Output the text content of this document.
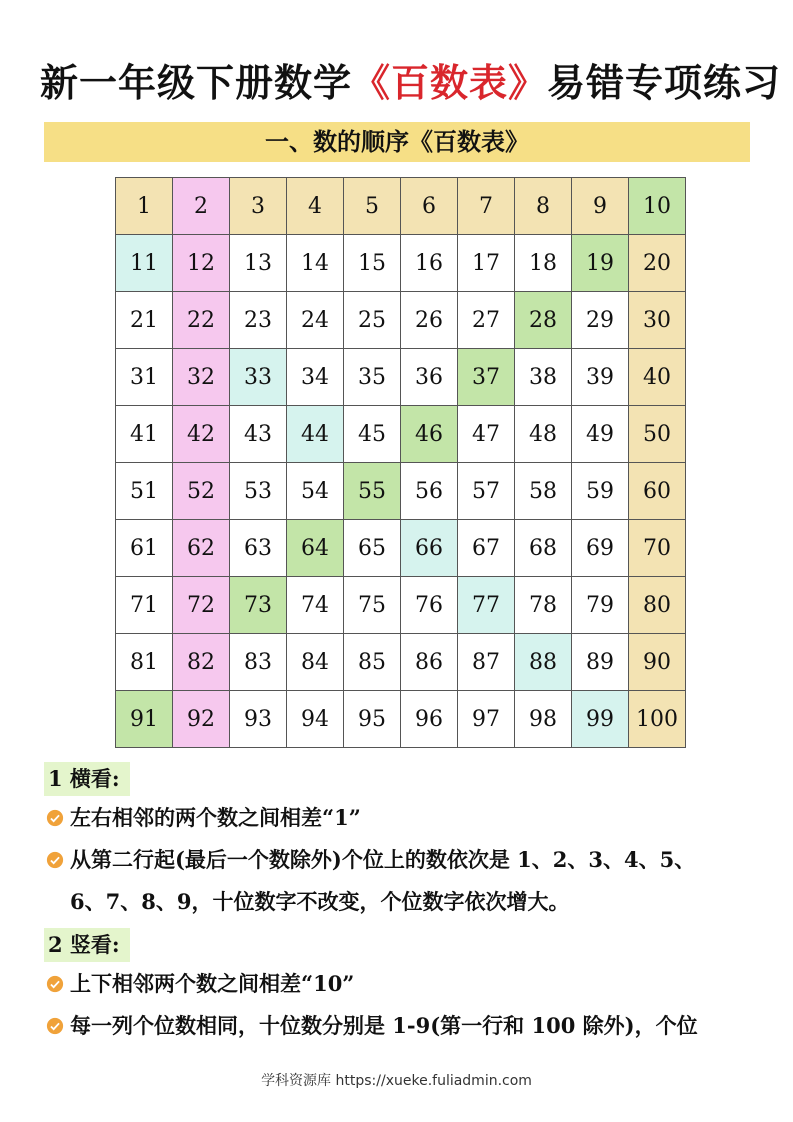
新一年级下册数学《百数表》易错专项练习
一、数的顺序《百数表》
1	2	3	4	5	6	7	8	9	10
11	12	13	14	15	16	17	18	19	20
21	22	23	24	25	26	27	28	29	30
31	32	33	34	35	36	37	38	39	40
41	42	43	44	45	46	47	48	49	50
51	52	53	54	55	56	57	58	59	60
61	62	63	64	65	66	67	68	69	70
71	72	73	74	75	76	77	78	79	80
81	82	83	84	85	86	87	88	89	90
91	92	93	94	95	96	97	98	99	100
1 横看:
左右相邻的两个数之间相差“1”
从第二行起(最后一个数除外)个位上的数依次是 1、2、3、4、5、
6、7、8、9，十位数字不改变，个位数字依次增大。
2 竖看:
上下相邻两个数之间相差“10”
每一列个位数相同，十位数分别是 1-9(第一行和 100 除外)，个位
学科资源库 https://xueke.fuliadmin.com
